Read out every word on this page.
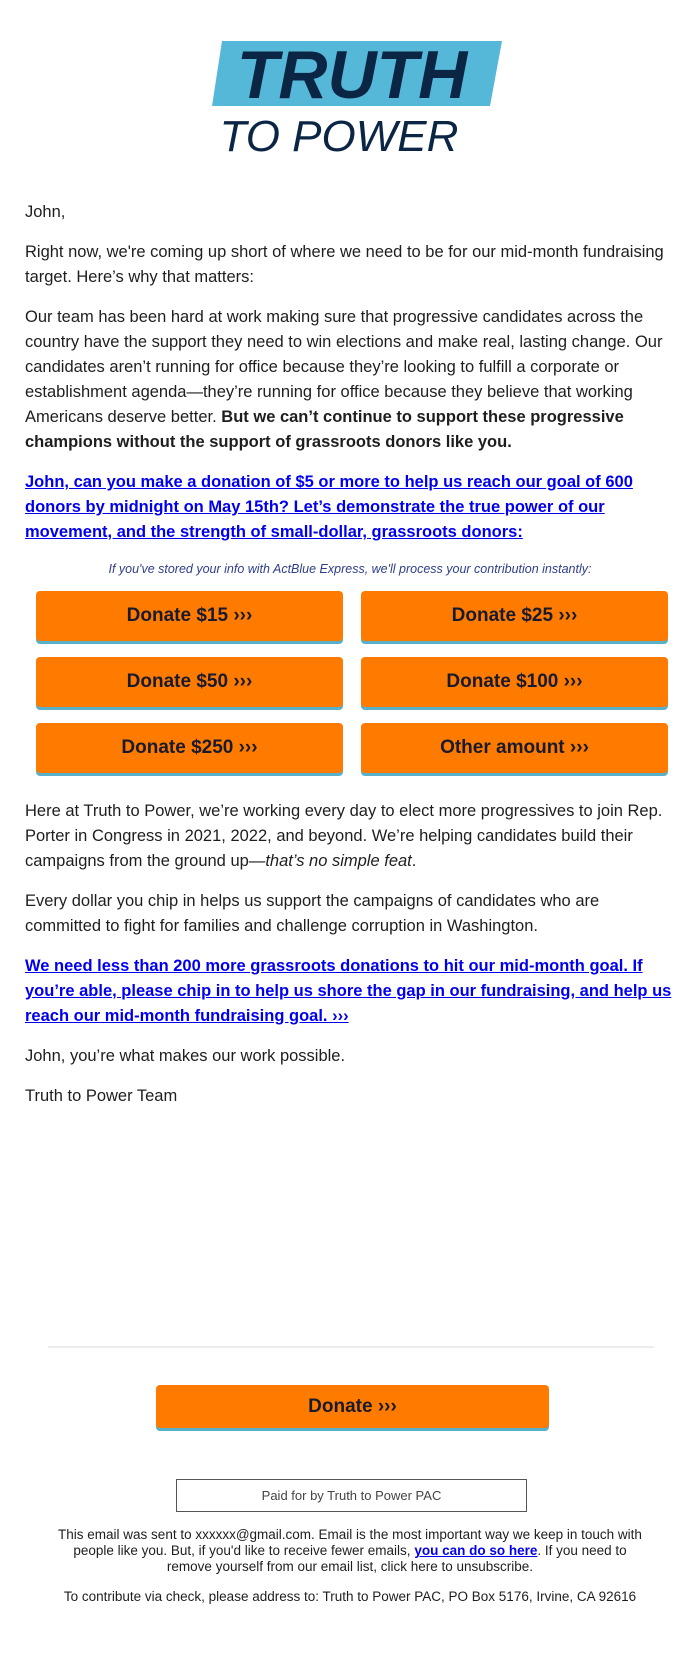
TRUTH
TO POWER

John,

Right now, we're coming up short of where we need to be for our mid-month fundraising target. Here’s why that matters:

Our team has been hard at work making sure that progressive candidates across the country have the support they need to win elections and make real, lasting change. Our candidates aren’t running for office because they’re looking to fulfill a corporate or establishment agenda—they’re running for office because they believe that working Americans deserve better. But we can’t continue to support these progressive champions without the support of grassroots donors like you.

John, can you make a donation of $5 or more to help us reach our goal of 600 donors by midnight on May 15th? Let’s demonstrate the true power of our movement, and the strength of small-dollar, grassroots donors:

If you've stored your info with ActBlue Express, we'll process your contribution instantly:
Donate $15 ›››	Donate $25 ›››
Donate $50 ›››	Donate $100 ›››
Donate $250 ›››	Other amount ›››

Here at Truth to Power, we’re working every day to elect more progressives to join Rep. Porter in Congress in 2021, 2022, and beyond. We’re helping candidates build their campaigns from the ground up—that’s no simple feat.

Every dollar you chip in helps us support the campaigns of candidates who are committed to fight for families and challenge corruption in Washington.

We need less than 200 more grassroots donations to hit our mid-month goal. If you’re able, please chip in to help us shore the gap in our fundraising, and help us reach our mid-month fundraising goal. ›››

John, you’re what makes our work possible.

Truth to Power Team

Donate ›››
Paid for by Truth to Power PAC
This email was sent to xxxxxx@gmail.com. Email is the most important way we keep in touch with people like you. But, if you'd like to receive fewer emails, you can do so here. If you need to remove yourself from our email list, click here to unsubscribe.
To contribute via check, please address to: Truth to Power PAC, PO Box 5176, Irvine, CA 92616
